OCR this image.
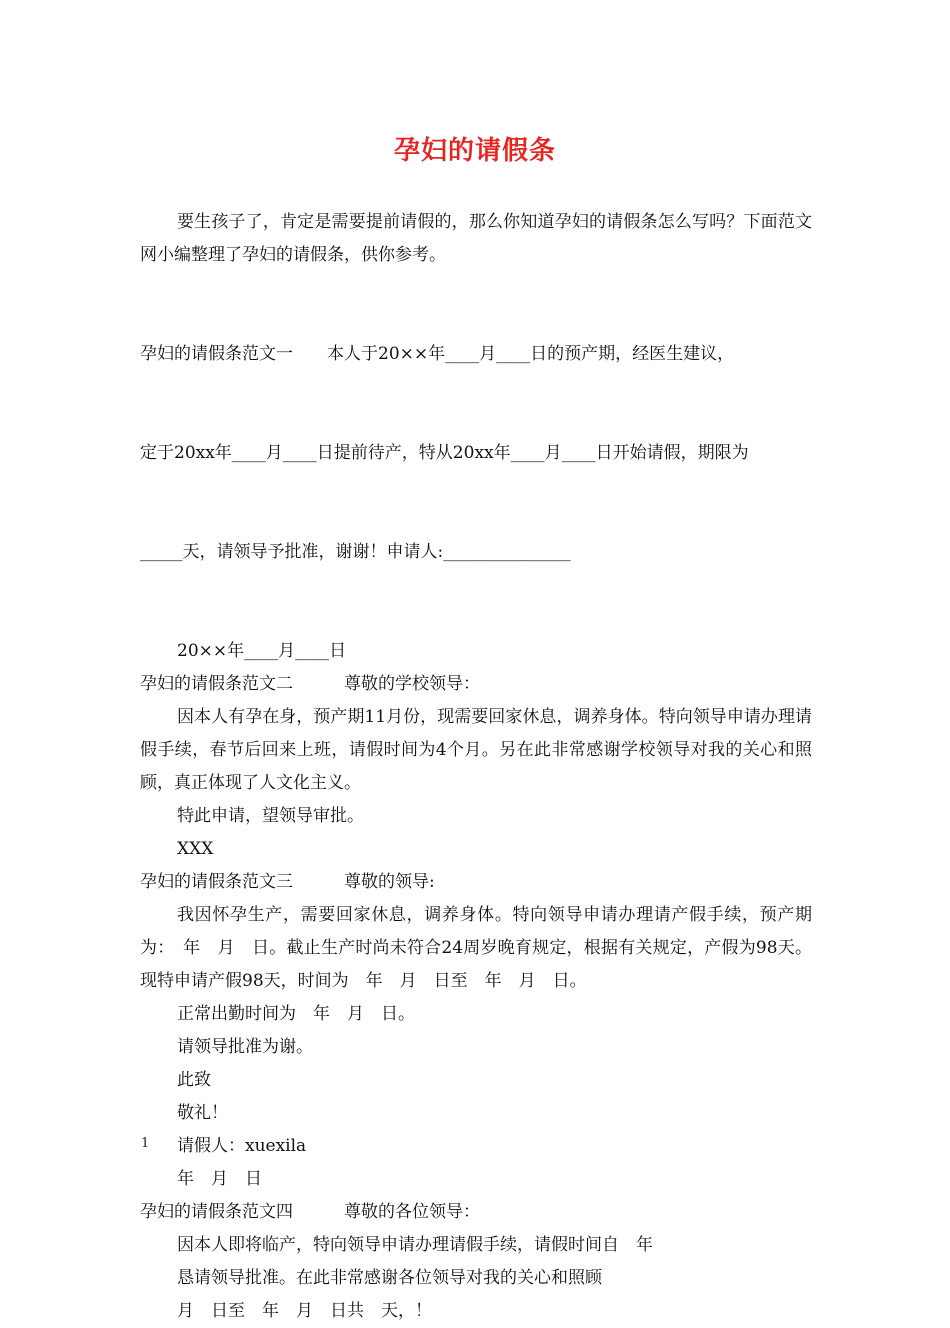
孕妇的请假条

要生孩子了，肯定是需要提前请假的，那么你知道孕妇的请假条怎么写吗？下面范文网小编整理了孕妇的请假条，供你参考。

孕妇的请假条范文一　　本人于20××年____月____日的预产期，经医生建议，

定于20xx年____月____日提前待产，特从20xx年____月____日开始请假，期限为

_____天，请领导予批准，谢谢！申请人:_______________

20××年____月____日

孕妇的请假条范文二　　　尊敬的学校领导：

因本人有孕在身，预产期11月份，现需要回家休息，调养身体。特向领导申请办理请假手续，春节后回来上班，请假时间为4个月。另在此非常感谢学校领导对我的关心和照顾，真正体现了人文化主义。

特此申请，望领导审批。

XXX

孕妇的请假条范文三　　　尊敬的领导:

我因怀孕生产，需要回家休息，调养身体。特向领导申请办理请产假手续，预产期为：　年　月　日。截止生产时尚未符合24周岁晚育规定，根据有关规定，产假为98天。现特申请产假98天，时间为　年　月　日至　年　月　日。

正常出勤时间为　年　月　日。

请领导批准为谢。

此致

敬礼！

请假人：xuexila

年　月　日

孕妇的请假条范文四　　　尊敬的各位领导：

因本人即将临产，特向领导申请办理请假手续，请假时间自　年

恳请领导批准。在此非常感谢各位领导对我的关心和照顾

月　日至　年　月　日共　天，！

1
